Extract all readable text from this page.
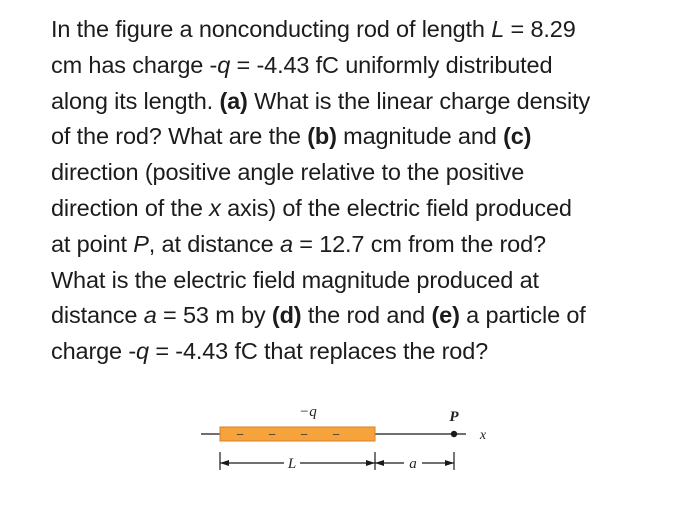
In the figure a nonconducting rod of length L = 8.29
cm has charge -q = -4.43 fC uniformly distributed
along its length. (a) What is the linear charge density
of the rod? What are the (b) magnitude and (c)
direction (positive angle relative to the positive
direction of the x axis) of the electric field produced
at point P, at distance a = 12.7 cm from the rod?
What is the electric field magnitude produced at
distance a = 53 m by (d) the rod and (e) a particle of
charge -q = -4.43 fC that replaces the rod?
− − − −
−q	P
x
L	a
